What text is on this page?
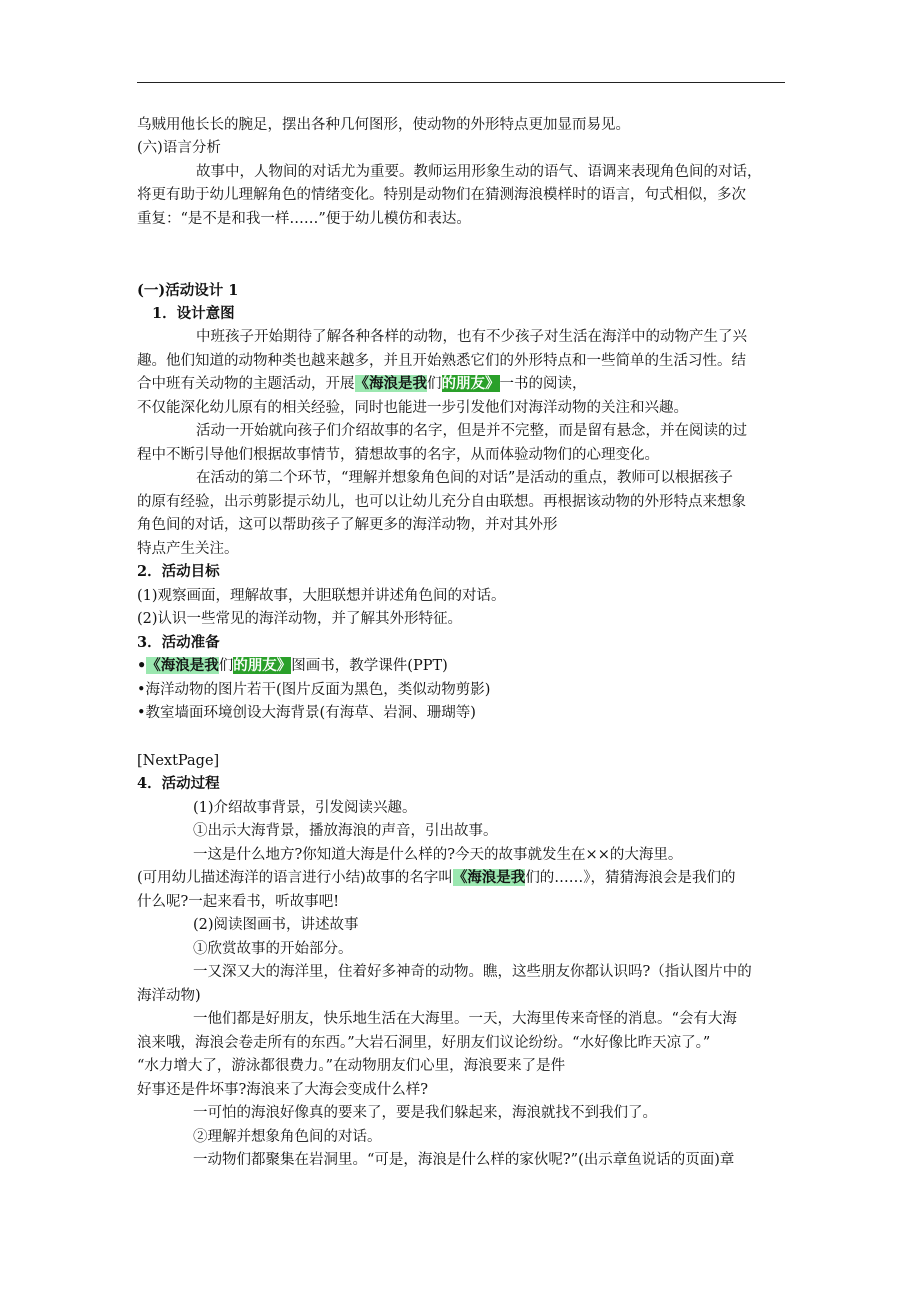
乌贼用他长长的腕足，摆出各种几何图形，使动物的外形特点更加显而易见。
(六)语言分析
故事中，人物间的对话尤为重要。教师运用形象生动的语气、语调来表现角色间的对话，
将更有助于幼儿理解角色的情绪变化。特别是动物们在猜测海浪模样时的语言，句式相似，多次
重复：“是不是和我一样……”便于幼儿模仿和表达。
(一)活动设计 1
1．设计意图
中班孩子开始期待了解各种各样的动物，也有不少孩子对生活在海洋中的动物产生了兴
趣。他们知道的动物种类也越来越多，并且开始熟悉它们的外形特点和一些简单的生活习性。结
合中班有关动物的主题活动，开展《海浪是我们的朋友》一书的阅读，
不仅能深化幼儿原有的相关经验，同时也能进一步引发他们对海洋动物的关注和兴趣。
活动一开始就向孩子们介绍故事的名字，但是并不完整，而是留有悬念，并在阅读的过
程中不断引导他们根据故事情节，猜想故事的名字，从而体验动物们的心理变化。
在活动的第二个环节，“理解并想象角色间的对话”是活动的重点，教师可以根据孩子
的原有经验，出示剪影提示幼儿，也可以让幼儿充分自由联想。再根据该动物的外形特点来想象
角色间的对话，这可以帮助孩子了解更多的海洋动物，并对其外形
特点产生关注。
2．活动目标
(1)观察画面，理解故事，大胆联想并讲述角色间的对话。
(2)认识一些常见的海洋动物，并了解其外形特征。
3．活动准备
•《海浪是我们的朋友》图画书，教学课件(PPT)
•海洋动物的图片若干(图片反面为黑色，类似动物剪影)
•教室墙面环境创设大海背景(有海草、岩洞、珊瑚等)
[NextPage]
4．活动过程
(1)介绍故事背景，引发阅读兴趣。
①出示大海背景，播放海浪的声音，引出故事。
一这是什么地方?你知道大海是什么样的?今天的故事就发生在××的大海里。
(可用幼儿描述海洋的语言进行小结)故事的名字叫《海浪是我们的……》，猜猜海浪会是我们的
什么呢?一起来看书，听故事吧!
(2)阅读图画书，讲述故事
①欣赏故事的开始部分。
一又深又大的海洋里，住着好多神奇的动物。瞧，这些朋友你都认识吗?（指认图片中的
海洋动物)
一他们都是好朋友，快乐地生活在大海里。一天，大海里传来奇怪的消息。“会有大海
浪来哦，海浪会卷走所有的东西。”大岩石洞里，好朋友们议论纷纷。“水好像比昨天凉了。”
“水力增大了，游泳都很费力。”在动物朋友们心里，海浪要来了是件
好事还是件坏事?海浪来了大海会变成什么样?
一可怕的海浪好像真的要来了，要是我们躲起来，海浪就找不到我们了。
②理解并想象角色间的对话。
一动物们都聚集在岩洞里。“可是，海浪是什么样的家伙呢?”(出示章鱼说话的页面)章
